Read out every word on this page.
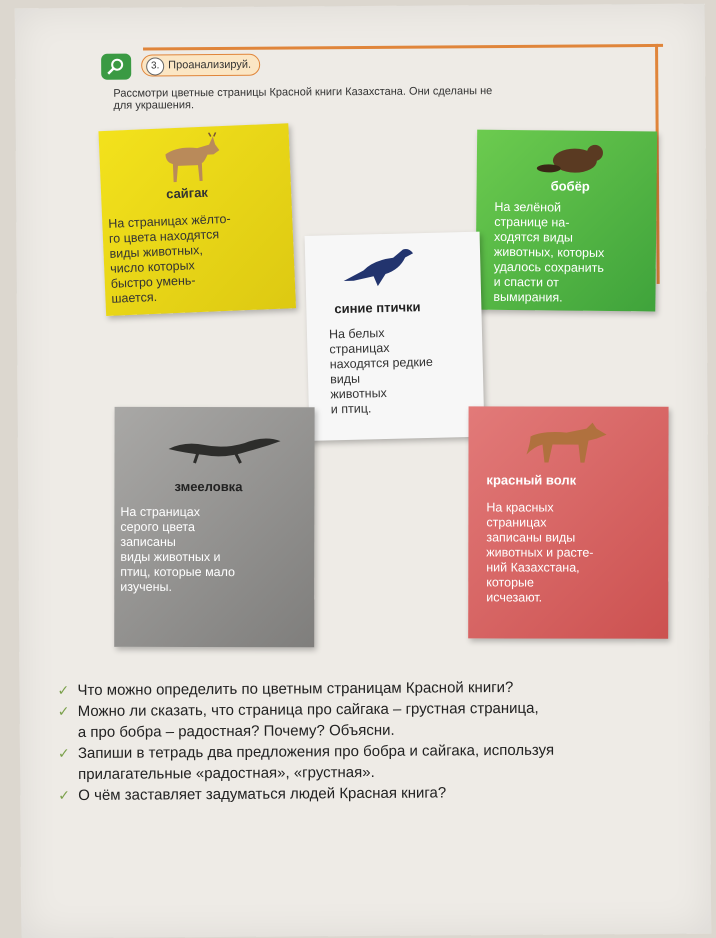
3. Проанализируй.
Рассмотри цветные страницы Красной книги Казахстана. Они сделаны не
для украшения.
сайгак
На страницах жёлто-
го цвета находятся
виды животных,
число которых
быстро умень-
шается.
бобёр
На зелёной
странице на-
ходятся виды
животных, которых
удалось сохранить
и спасти от
вымирания.
синие птички
На белых
страницах
находятся редкие
виды
животных
и птиц.
змееловка
На страницах
серого цвета
записаны
виды животных и
птиц, которые мало
изучены.
красный волк
На красных
страницах
записаны виды
животных и расте-
ний Казахстана,
которые
исчезают.
✓ Что можно определить по цветным страницам Красной книги?
✓ Можно ли сказать, что страница про сайгака – грустная страница,
а про бобра – радостная? Почему? Объясни.
✓ Запиши в тетрадь два предложения про бобра и сайгака, используя
прилагательные «радостная», «грустная».
✓ О чём заставляет задуматься людей Красная книга?
